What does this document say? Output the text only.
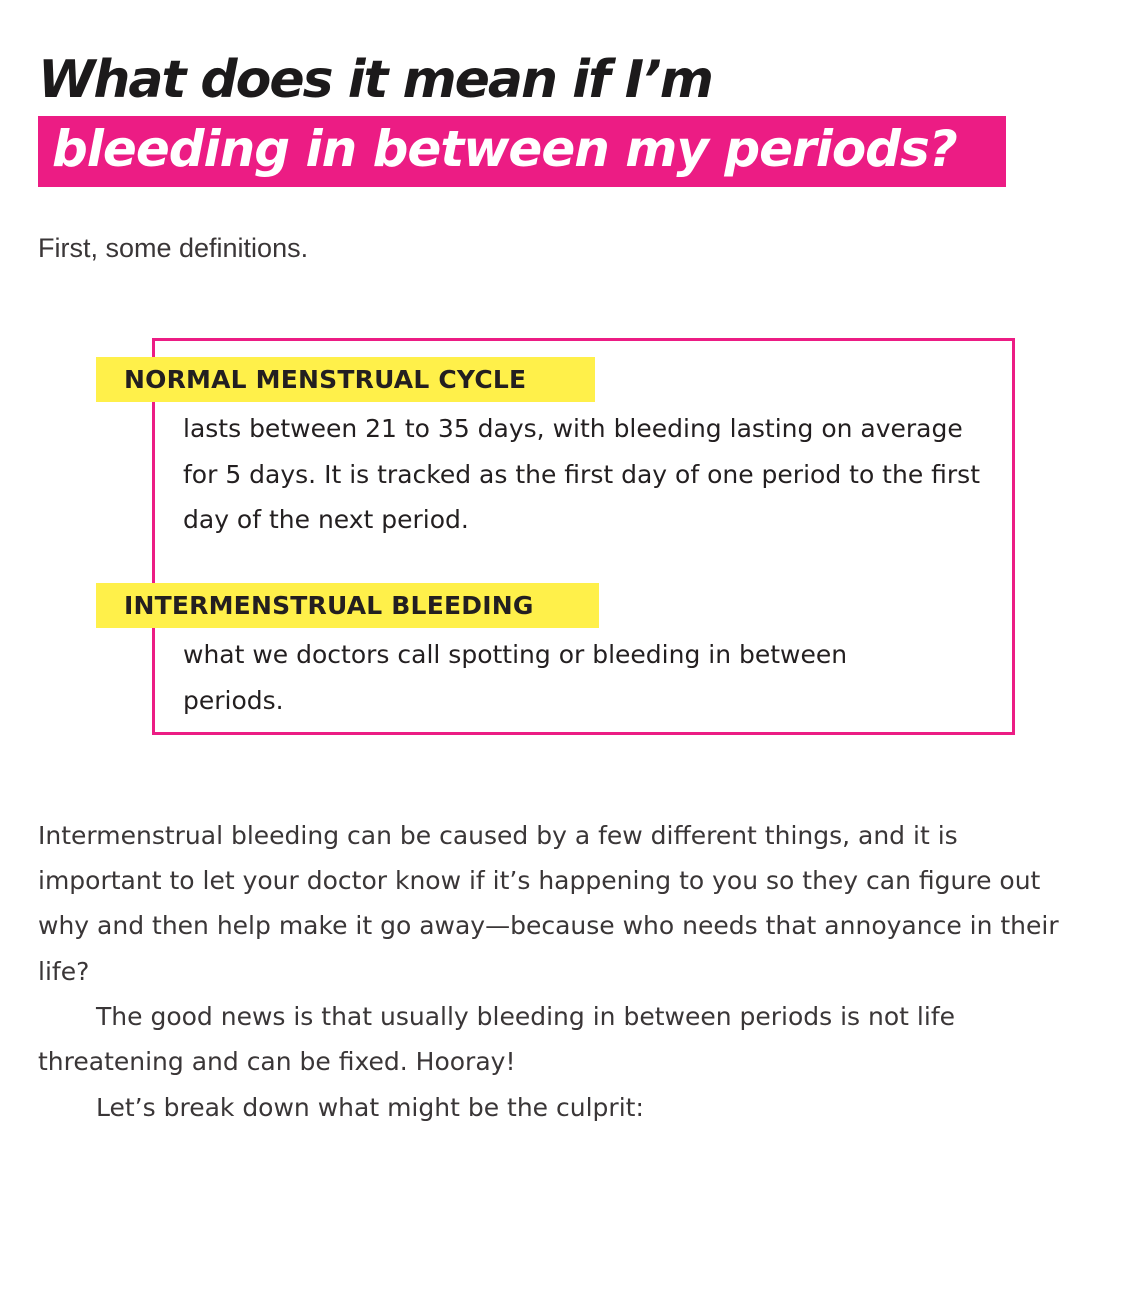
What does it mean if I’m
bleeding in between my periods?

First, some definitions.

NORMAL MENSTRUAL CYCLE

lasts between 21 to 35 days, with bleeding lasting on average for 5 days. It is tracked as the first day of one period to the first day of the next period.

INTERMENSTRUAL BLEEDING

what we doctors call spotting or bleeding in between periods.

Intermenstrual bleeding can be caused by a few different things, and it is important to let your doctor know if it’s happening to you so they can figure out why and then help make it go away—because who needs that annoyance in their life?

The good news is that usually bleeding in between periods is not life threatening and can be fixed. Hooray!

Let’s break down what might be the culprit:
